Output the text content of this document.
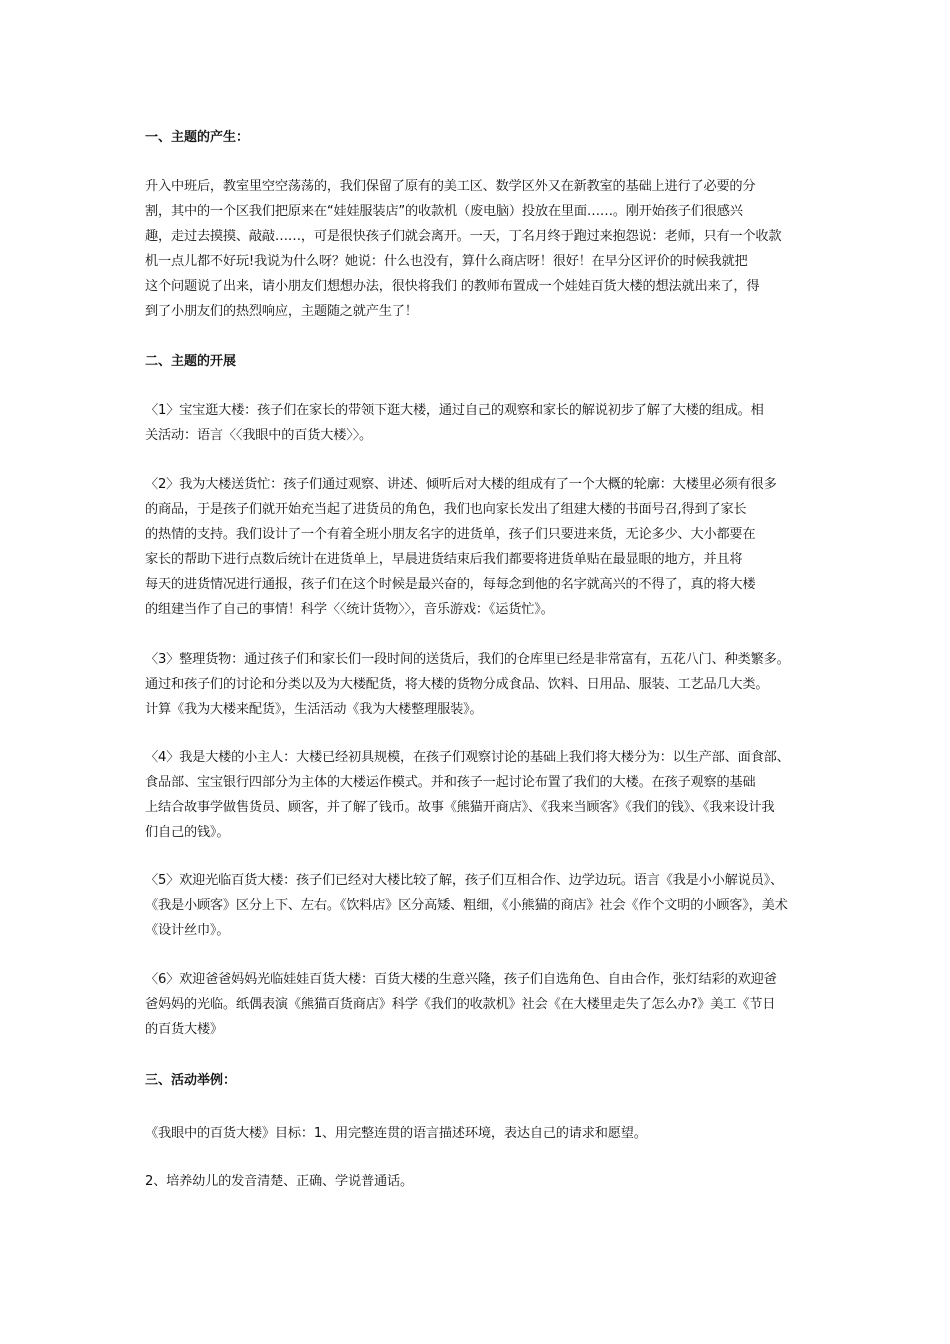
一、主题的产生：

升入中班后，教室里空空荡荡的，我们保留了原有的美工区、数学区外又在新教室的基础上进行了必要的分
割，其中的一个区我们把原来在“娃娃服装店”的收款机（废电脑）投放在里面……。刚开始孩子们很感兴
趣，走过去摸摸、敲敲……，可是很快孩子们就会离开。一天，丁名月终于跑过来抱怨说：老师，只有一个收款
机一点儿都不好玩!我说为什么呀？她说：什么也没有，算什么商店呀！很好！在早分区评价的时候我就把
这个问题说了出来，请小朋友们想想办法，很快将我们 的教师布置成一个娃娃百货大楼的想法就出来了，得
到了小朋友们的热烈响应，主题随之就产生了！

二、主题的开展

〈1〉宝宝逛大楼：孩子们在家长的带领下逛大楼，通过自己的观察和家长的解说初步了解了大楼的组成。相
关活动：语言〈〈我眼中的百货大楼〉〉。

〈2〉我为大楼送货忙：孩子们通过观察、讲述、倾听后对大楼的组成有了一个大概的轮廓：大楼里必须有很多
的商品，于是孩子们就开始充当起了进货员的角色，我们也向家长发出了组建大楼的书面号召,得到了家长
的热情的支持。我们设计了一个有着全班小朋友名字的进货单，孩子们只要进来货，无论多少、大小都要在
家长的帮助下进行点数后统计在进货单上，早晨进货结束后我们都要将进货单贴在最显眼的地方，并且将
每天的进货情况进行通报，孩子们在这个时候是最兴奋的，每每念到他的名字就高兴的不得了，真的将大楼
的组建当作了自己的事情！科学〈〈统计货物〉〉，音乐游戏：《运货忙》。

〈3〉整理货物：通过孩子们和家长们一段时间的送货后，我们的仓库里已经是非常富有，五花八门、种类繁多。
通过和孩子们的讨论和分类以及为大楼配货，将大楼的货物分成食品、饮料、日用品、服装、工艺品几大类。
计算《我为大楼来配货》，生活活动《我为大楼整理服装》。

〈4〉我是大楼的小主人：大楼已经初具规模，在孩子们观察讨论的基础上我们将大楼分为：以生产部、面食部、
食品部、宝宝银行四部分为主体的大楼运作模式。并和孩子一起讨论布置了我们的大楼。在孩子观察的基础
上结合故事学做售货员、顾客，并了解了钱币。故事《熊猫开商店》、《我来当顾客》《我们的钱》、《我来设计我
们自己的钱》。

〈5〉欢迎光临百货大楼：孩子们已经对大楼比较了解，孩子们互相合作、边学边玩。语言《我是小小解说员》、
《我是小顾客》区分上下、左右。《饮料店》区分高矮、粗细，《小熊猫的商店》社会《作个文明的小顾客》，美术
《设计丝巾》。

〈6〉欢迎爸爸妈妈光临娃娃百货大楼：百货大楼的生意兴隆，孩子们自选角色、自由合作，张灯结彩的欢迎爸
爸妈妈的光临。纸偶表演《熊猫百货商店》科学《我们的收款机》社会《在大楼里走失了怎么办?》美工《节日
的百货大楼》

三、活动举例：

《我眼中的百货大楼》目标：1、用完整连贯的语言描述环境，表达自己的请求和愿望。

2、培养幼儿的发音清楚、正确、学说普通话。
